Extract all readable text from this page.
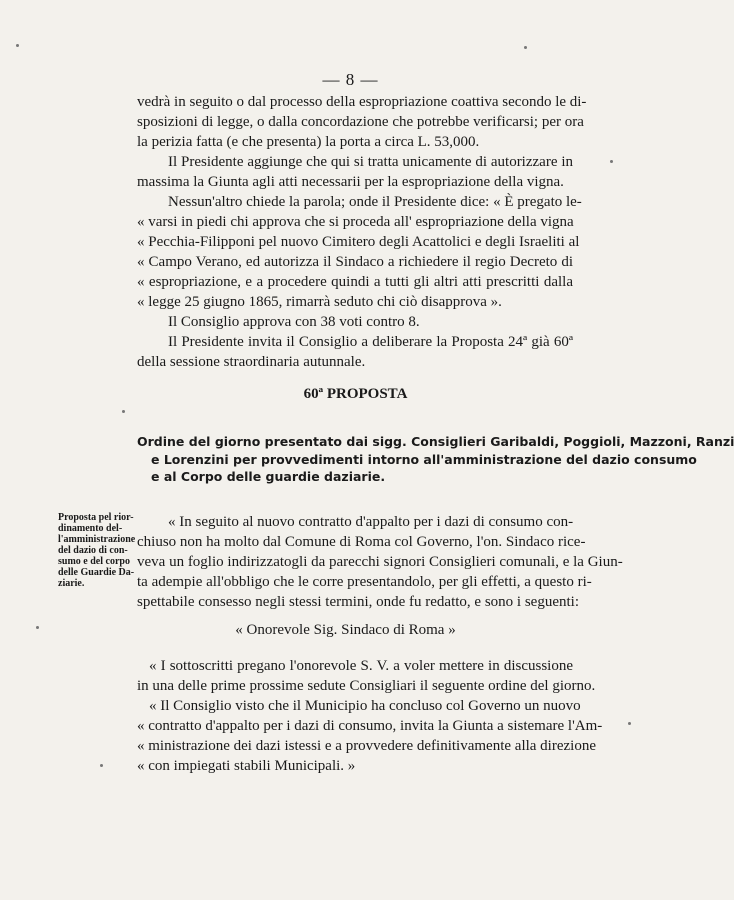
— 8 —
vedrà in seguito o dal processo della espropriazione coattiva secondo le di-
sposizioni di legge, o dalla concordazione che potrebbe verificarsi; per ora
la perizia fatta (e che presenta) la porta a circa L. 53,000.
Il Presidente aggiunge che qui si tratta unicamente di autorizzare in
massima la Giunta agli atti necessarii per la espropriazione della vigna.
Nessun'altro chiede la parola; onde il Presidente dice: « È pregato le-
« varsi in piedi chi approva che si proceda all' espropriazione della vigna
« Pecchia-Filipponi pel nuovo Cimitero degli Acattolici e degli Israeliti al
« Campo Verano, ed autorizza il Sindaco a richiedere il regio Decreto di
« espropriazione, e a procedere quindi a tutti gli altri atti prescritti dalla
« legge 25 giugno 1865, rimarrà seduto chi ciò disapprova ».
Il Consiglio approva con 38 voti contro 8.
Il Presidente invita il Consiglio a deliberare la Proposta 24ª già 60ª
della sessione straordinaria autunnale.
60ª PROPOSTA
Ordine del giorno presentato dai sigg. Consiglieri Garibaldi, Poggioli, Mazzoni, Ranzi
e Lorenzini per provvedimenti intorno all'amministrazione del dazio consumo
e al Corpo delle guardie daziarie.
Proposta pel rior-
dinamento del-
l'amministrazione
del dazio di con-
sumo e del corpo
delle Guardie Da-
ziarie.
« In seguito al nuovo contratto d'appalto per i dazi di consumo con-
chiuso non ha molto dal Comune di Roma col Governo, l'on. Sindaco rice-
veva un foglio indirizzatogli da parecchi signori Consiglieri comunali, e la Giun-
ta adempie all'obbligo che le corre presentandolo, per gli effetti, a questo ri-
spettabile consesso negli stessi termini, onde fu redatto, e sono i seguenti:
« Onorevole Sig. Sindaco di Roma »
« I sottoscritti pregano l'onorevole S. V. a voler mettere in discussione
in una delle prime prossime sedute Consigliari il seguente ordine del giorno.
« Il Consiglio visto che il Municipio ha concluso col Governo un nuovo
« contratto d'appalto per i dazi di consumo, invita la Giunta a sistemare l'Am-
« ministrazione dei dazi istessi e a provvedere definitivamente alla direzione
« con impiegati stabili Municipali. »
